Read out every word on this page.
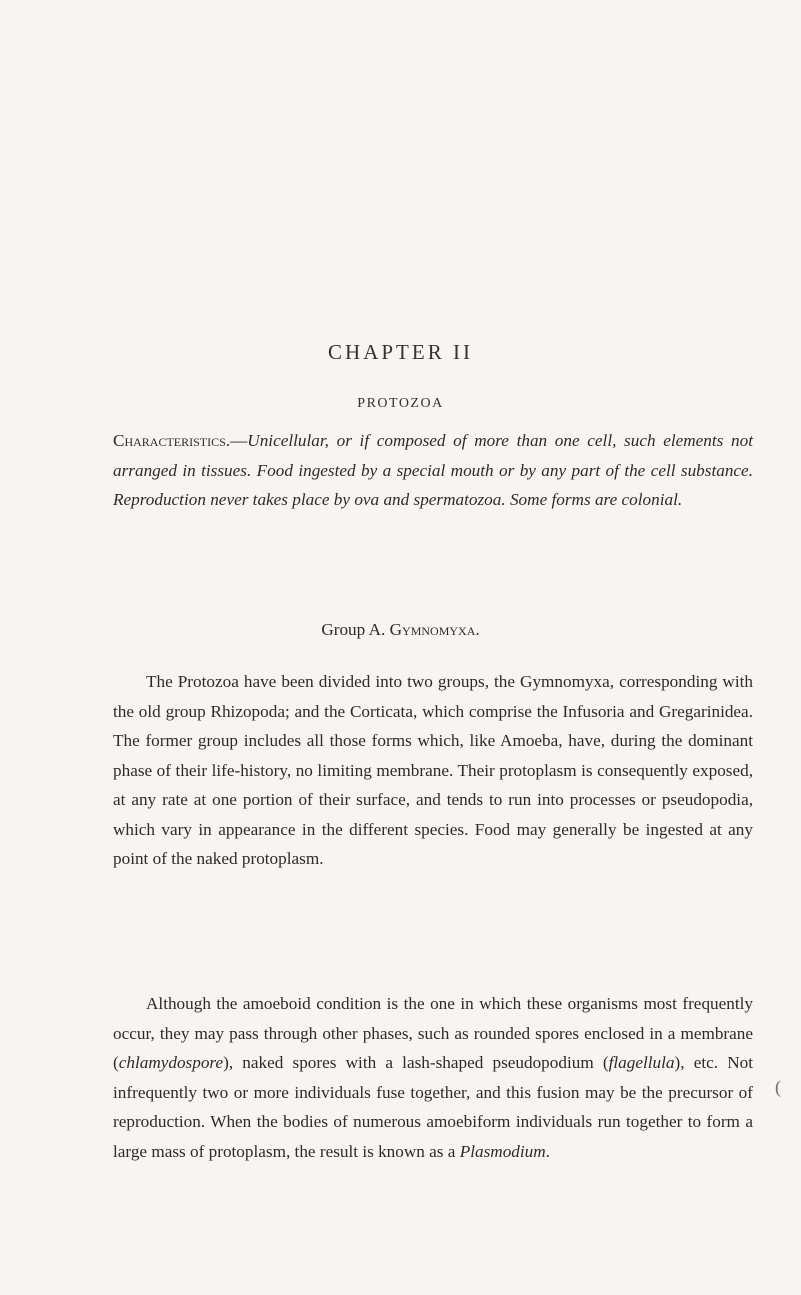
CHAPTER II
PROTOZOA
Characteristics.—Unicellular, or if composed of more than one cell, such elements not arranged in tissues. Food ingested by a special mouth or by any part of the cell substance. Reproduction never takes place by ova and spermatozoa. Some forms are colonial.
Group A. Gymnomyxa.

The Protozoa have been divided into two groups, the Gymnomyxa, corresponding with the old group Rhizopoda; and the Corticata, which comprise the Infusoria and Gregarinidea. The former group includes all those forms which, like Amoeba, have, during the dominant phase of their life-history, no limiting membrane. Their protoplasm is consequently exposed, at any rate at one portion of their surface, and tends to run into processes or pseudopodia, which vary in appearance in the different species. Food may generally be ingested at any point of the naked protoplasm.

Although the amoeboid condition is the one in which these organisms most frequently occur, they may pass through other phases, such as rounded spores enclosed in a membrane (chlamydospore), naked spores with a lash-shaped pseudopodium (flagellula), etc. Not infrequently two or more individuals fuse together, and this fusion may be the precursor of reproduction. When the bodies of numerous amoebiform individuals run together to form a large mass of protoplasm, the result is known as a Plasmodium.

(
